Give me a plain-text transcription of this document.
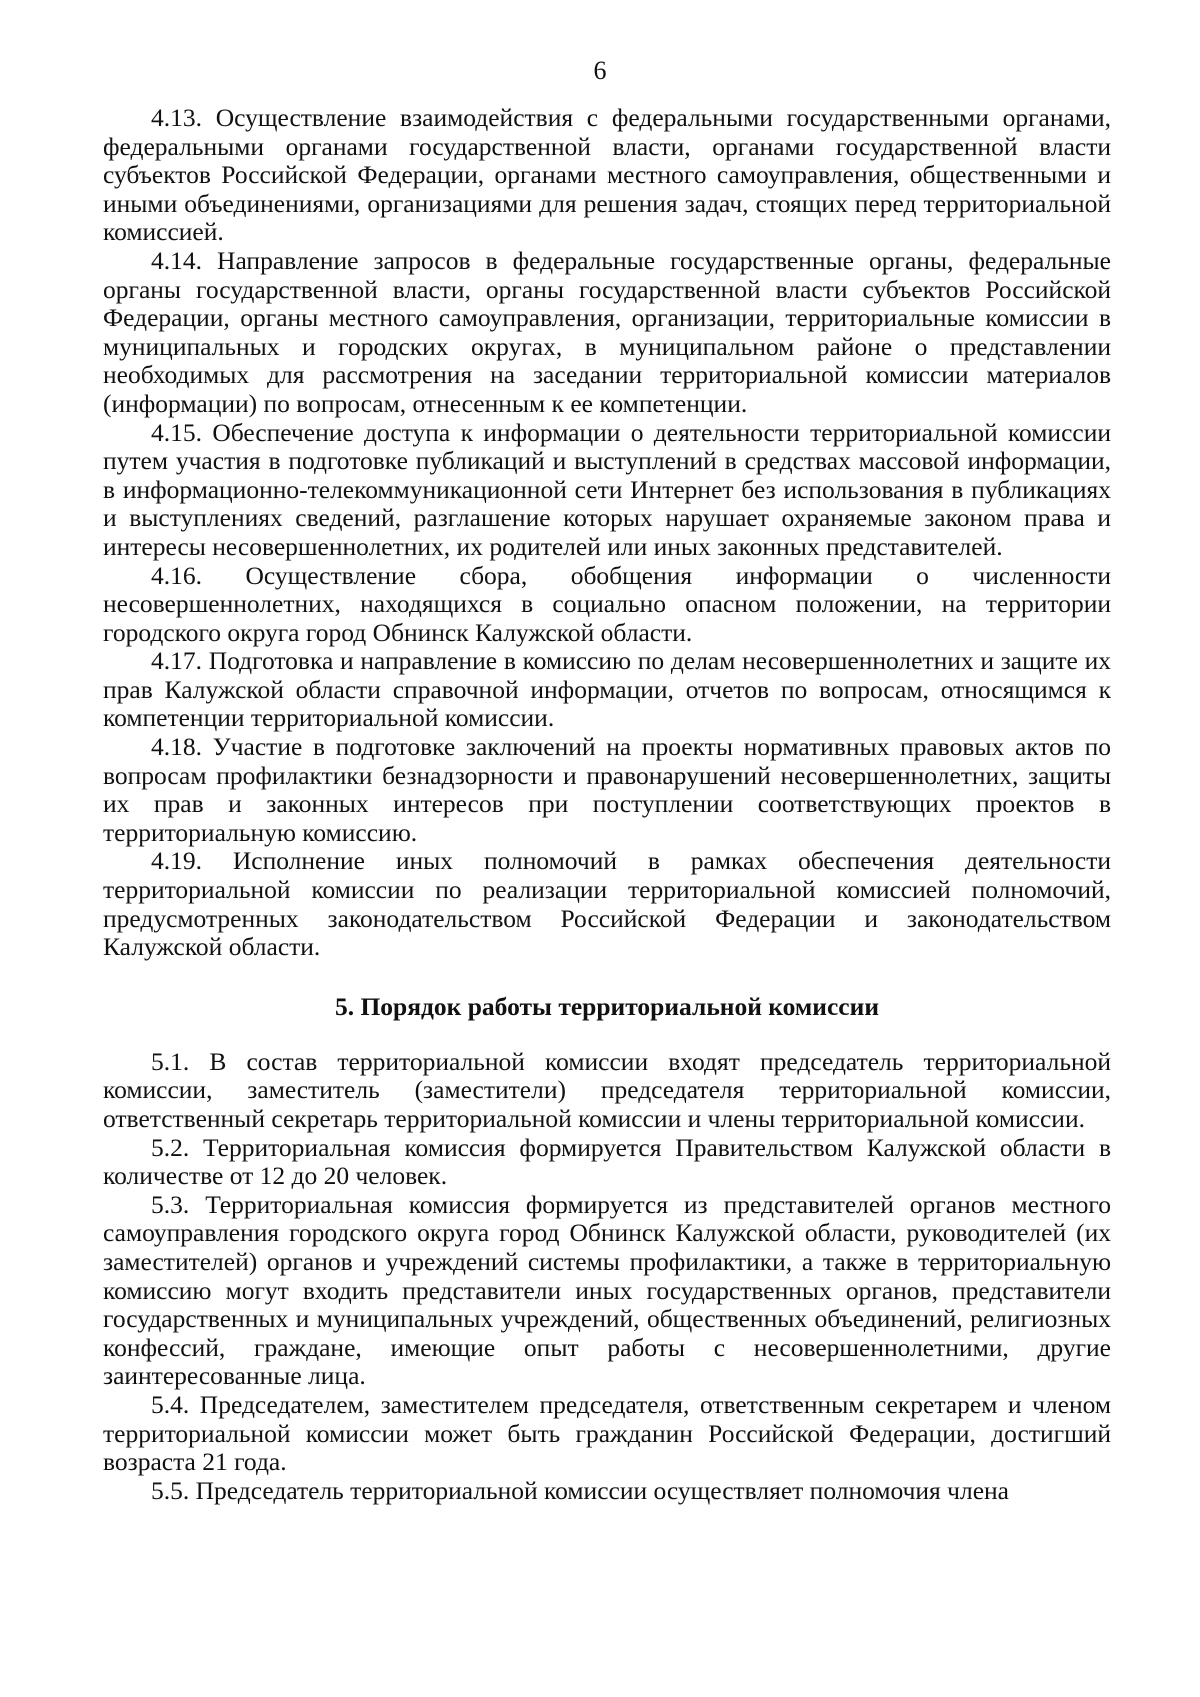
6

4.13. Осуществление взаимодействия с федеральными государственными органами, федеральными органами государственной власти, органами государственной власти субъектов Российской Федерации, органами местного самоуправления, общественными и иными объединениями, организациями для решения задач, стоящих перед территориальной комиссией.

4.14. Направление запросов в федеральные государственные органы, федеральные органы государственной власти, органы государственной власти субъектов Российской Федерации, органы местного самоуправления, организации, территориальные комиссии в муниципальных и городских округах, в муниципальном районе о представлении необходимых для рассмотрения на заседании территориальной комиссии материалов (информации) по вопросам, отнесенным к ее компетенции.

4.15. Обеспечение доступа к информации о деятельности территориальной комиссии путем участия в подготовке публикаций и выступлений в средствах массовой информации, в информационно-телекоммуникационной сети Интернет без использования в публикациях и выступлениях сведений, разглашение которых нарушает охраняемые законом права и интересы несовершеннолетних, их родителей или иных законных представителей.

4.16. Осуществление сбора, обобщения информации о численности несовершеннолетних, находящихся в социально опасном положении, на территории городского округа город Обнинск Калужской области.

4.17. Подготовка и направление в комиссию по делам несовершеннолетних и защите их прав Калужской области справочной информации, отчетов по вопросам, относящимся к компетенции территориальной комиссии.

4.18. Участие в подготовке заключений на проекты нормативных правовых актов по вопросам профилактики безнадзорности и правонарушений несовершеннолетних, защиты их прав и законных интересов при поступлении соответствующих проектов в территориальную комиссию.

4.19. Исполнение иных полномочий в рамках обеспечения деятельности территориальной комиссии по реализации территориальной комиссией полномочий, предусмотренных законодательством Российской Федерации и законодательством Калужской области.

5. Порядок работы территориальной комиссии

5.1. В состав территориальной комиссии входят председатель территориальной комиссии, заместитель (заместители) председателя территориальной комиссии, ответственный секретарь территориальной комиссии и члены территориальной комиссии.

5.2. Территориальная комиссия формируется Правительством Калужской области в количестве от 12 до 20 человек.

5.3. Территориальная комиссия формируется из представителей органов местного самоуправления городского округа город Обнинск Калужской области, руководителей (их заместителей) органов и учреждений системы профилактики, а также в территориальную комиссию могут входить представители иных государственных органов, представители государственных и муниципальных учреждений, общественных объединений, религиозных конфессий, граждане, имеющие опыт работы с несовершеннолетними, другие заинтересованные лица.

5.4. Председателем, заместителем председателя, ответственным секретарем и членом территориальной комиссии может быть гражданин Российской Федерации, достигший возраста 21 года.

5.5. Председатель территориальной комиссии осуществляет полномочия члена
